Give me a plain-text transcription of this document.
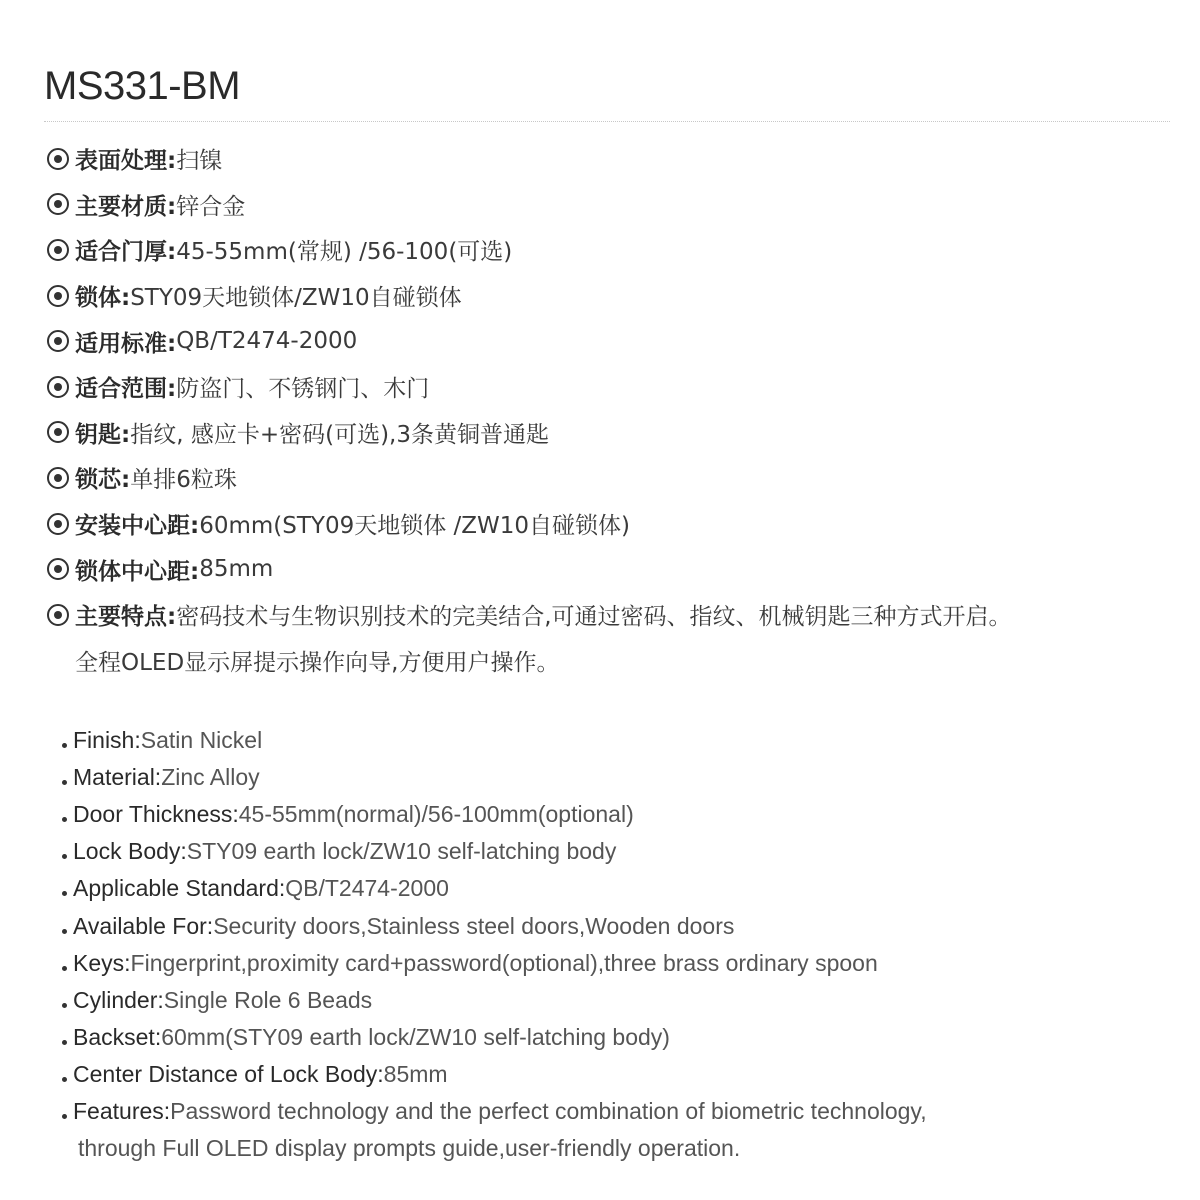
MS331-BM
表面处理: 扫镍
主要材质: 锌合金
适合门厚: 45-55mm(常规) /56-100(可选)
锁体: STY09天地锁体/ZW10自碰锁体
适用标准: QB/T2474-2000
适合范围: 防盗门、不锈钢门、木门
钥匙: 指纹, 感应卡+密码(可选),3条黄铜普通匙
锁芯: 单排6粒珠
安装中心距: 60mm(STY09天地锁体 /ZW10自碰锁体)
锁体中心距: 85mm
主要特点: 密码技术与生物识别技术的完美结合,可通过密码、指纹、机械钥匙三种方式开启。
全程OLED显示屏提示操作向导,方便用户操作。
Finish: Satin Nickel
Material: Zinc Alloy
Door Thickness: 45-55mm(normal)/56-100mm(optional)
Lock Body: STY09 earth lock/ZW10 self-latching body
Applicable Standard: QB/T2474-2000
Available For: Security doors,Stainless steel doors,Wooden doors
Keys: Fingerprint,proximity card+password(optional),three brass ordinary spoon
Cylinder: Single Role 6 Beads
Backset: 60mm(STY09 earth lock/ZW10 self-latching body)
Center Distance of Lock Body: 85mm
Features: Password technology and the perfect combination of biometric technology,
through Full OLED display prompts guide,user-friendly operation.
